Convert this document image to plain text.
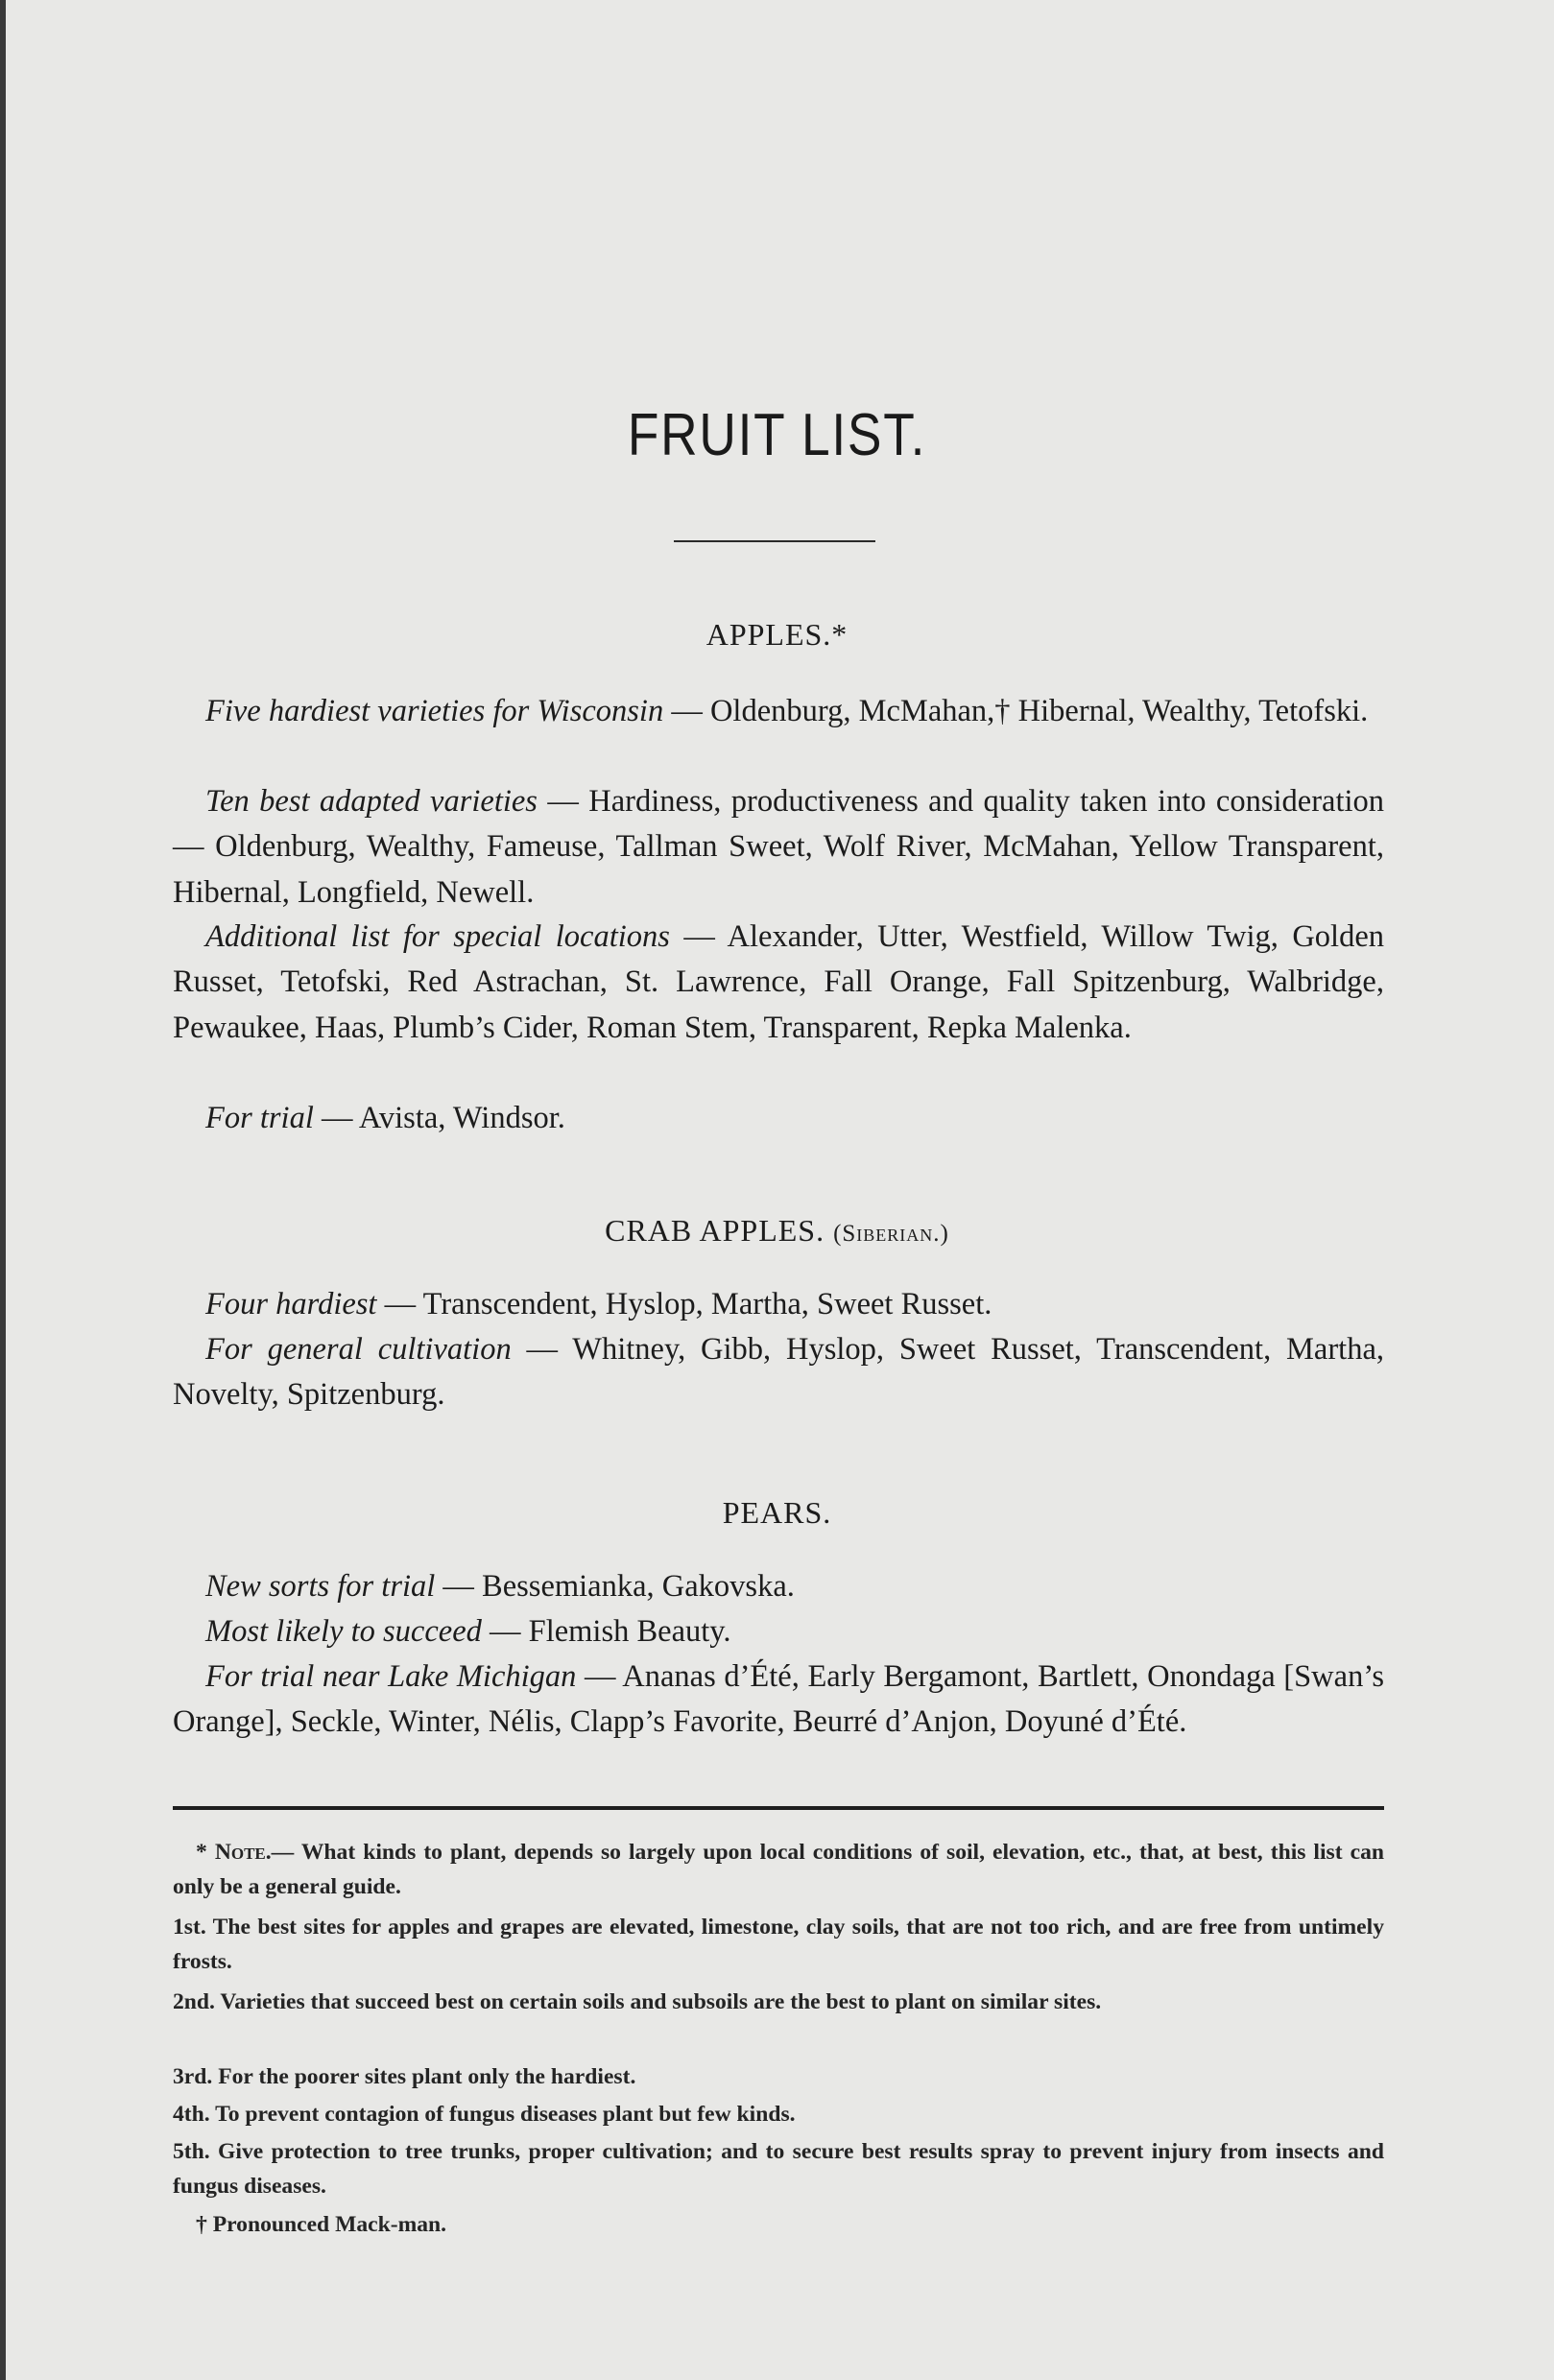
FRUIT LIST.
APPLES.*

Five hardiest varieties for Wisconsin — Oldenburg, McMahan,† Hibernal, Wealthy, Tetofski.

Ten best adapted varieties — Hardiness, productiveness and quality taken into consideration — Oldenburg, Wealthy, Fameuse, Tallman Sweet, Wolf River, McMahan, Yellow Transparent, Hibernal, Longfield, Newell.

Additional list for special locations — Alexander, Utter, Westfield, Willow Twig, Golden Russet, Tetofski, Red Astrachan, St. Lawrence, Fall Orange, Fall Spitzenburg, Walbridge, Pewaukee, Haas, Plumb’s Cider, Roman Stem, Transparent, Repka Malenka.

For trial — Avista, Windsor.

CRAB APPLES. (Siberian.)

Four hardiest — Transcendent, Hyslop, Martha, Sweet Russet.

For general cultivation — Whitney, Gibb, Hyslop, Sweet Russet, Transcendent, Martha, Novelty, Spitzenburg.

PEARS.

New sorts for trial — Bessemianka, Gakovska.

Most likely to succeed — Flemish Beauty.

For trial near Lake Michigan — Ananas d’Été, Early Bergamont, Bartlett, Onondaga [Swan’s Orange], Seckle, Winter, Nélis, Clapp’s Favorite, Beurré d’Anjon, Doyuné d’Été.

* Note.— What kinds to plant, depends so largely upon local conditions of soil, elevation, etc., that, at best, this list can only be a general guide.

1st. The best sites for apples and grapes are elevated, limestone, clay soils, that are not too rich, and are free from untimely frosts.

2nd. Varieties that succeed best on certain soils and subsoils are the best to plant on similar sites.

3rd. For the poorer sites plant only the hardiest.

4th. To prevent contagion of fungus diseases plant but few kinds.

5th. Give protection to tree trunks, proper cultivation; and to secure best results spray to prevent injury from insects and fungus diseases.

† Pronounced Mack-man.
